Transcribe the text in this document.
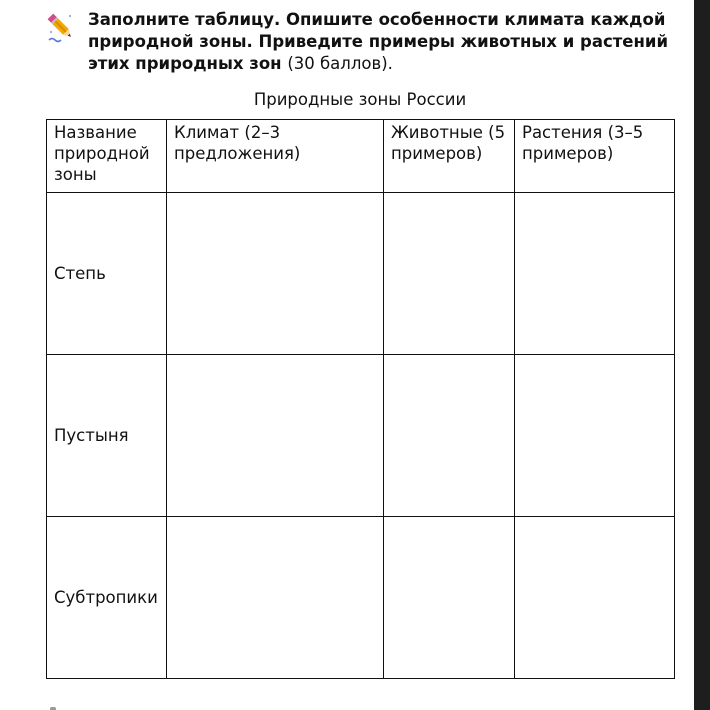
Заполните таблицу. Опишите особенности климата каждой природной зоны. Приведите примеры животных и растений этих природных зон (30 баллов).
Природные зоны России
Название природной зоны	Климат (2–3 предложения)	Животные (5 примеров)	Растения (3–5 примеров)
Степь			
Пустыня			
Субтропики			
